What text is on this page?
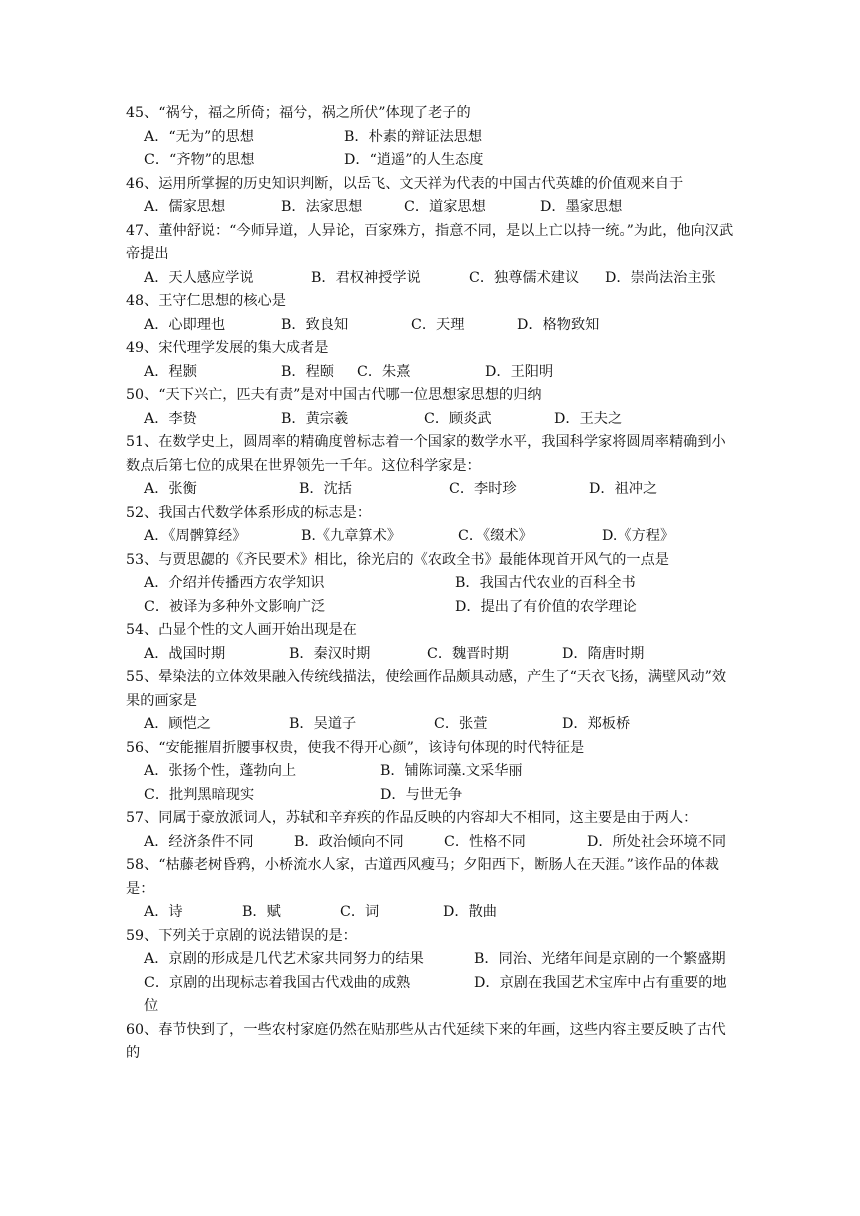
45、“祸兮，福之所倚；福兮，祸之所伏”体现了老子的
A．“无为”的思想	B．朴素的辩证法思想
C．“齐物”的思想	D．“逍遥”的人生态度
46、运用所掌握的历史知识判断，以岳飞、文天祥为代表的中国古代英雄的价值观来自于
A．儒家思想	B．法家思想	C．道家思想	D．墨家思想
47、董仲舒说：“今师异道，人异论，百家殊方，指意不同，是以上亡以持一统。”为此，他向汉武帝提出
A．天人感应学说	B．君权神授学说	C．独尊儒术建议	D．崇尚法治主张
48、王守仁思想的核心是
A．心即理也	B．致良知	C．天理	D．格物致知
49、宋代理学发展的集大成者是
A．程颢	B．程颐	C．朱熹	D．王阳明
50、“天下兴亡，匹夫有责”是对中国古代哪一位思想家思想的归纳
A．李贽	B．黄宗羲	C．顾炎武	D．王夫之
51、在数学史上，圆周率的精确度曾标志着一个国家的数学水平，我国科学家将圆周率精确到小数点后第七位的成果在世界领先一千年。这位科学家是：
A．张衡	B．沈括	C．李时珍	D．祖冲之
52、我国古代数学体系形成的标志是：
A．《周髀算经》	B.《九章算术》	C．《缀术》	D.《方程》
53、与贾思勰的《齐民要术》相比，徐光启的《农政全书》最能体现首开风气的一点是
A．介绍并传播西方农学知识	B．我国古代农业的百科全书
C．被译为多种外文影响广泛	D．提出了有价值的农学理论
54、凸显个性的文人画开始出现是在
A．战国时期	B．秦汉时期	C．魏晋时期	D．隋唐时期
55、晕染法的立体效果融入传统线描法，使绘画作品颇具动感，产生了“天衣飞扬，满壁风动”效果的画家是
A．顾恺之	B．吴道子	C．张萱	D．郑板桥
56、“安能摧眉折腰事权贵，使我不得开心颜”，该诗句体现的时代特征是
A．张扬个性，蓬勃向上	B．铺陈词藻.文采华丽
C．批判黑暗现实	D．与世无争
57、同属于豪放派词人，苏轼和辛弃疾的作品反映的内容却大不相同，这主要是由于两人：
A．经济条件不同	B．政治倾向不同	C．性格不同	D．所处社会环境不同
58、“枯藤老树昏鸦，小桥流水人家，古道西风瘦马；夕阳西下，断肠人在天涯。”该作品的体裁是：
A．诗	B．赋	C．词	D．散曲
59、下列关于京剧的说法错误的是：
A．京剧的形成是几代艺术家共同努力的结果	B．同治、光绪年间是京剧的一个繁盛期
C．京剧的出现标志着我国古代戏曲的成熟	D．京剧在我国艺术宝库中占有重要的地位
60、春节快到了，一些农村家庭仍然在贴那些从古代延续下来的年画，这些内容主要反映了古代的
